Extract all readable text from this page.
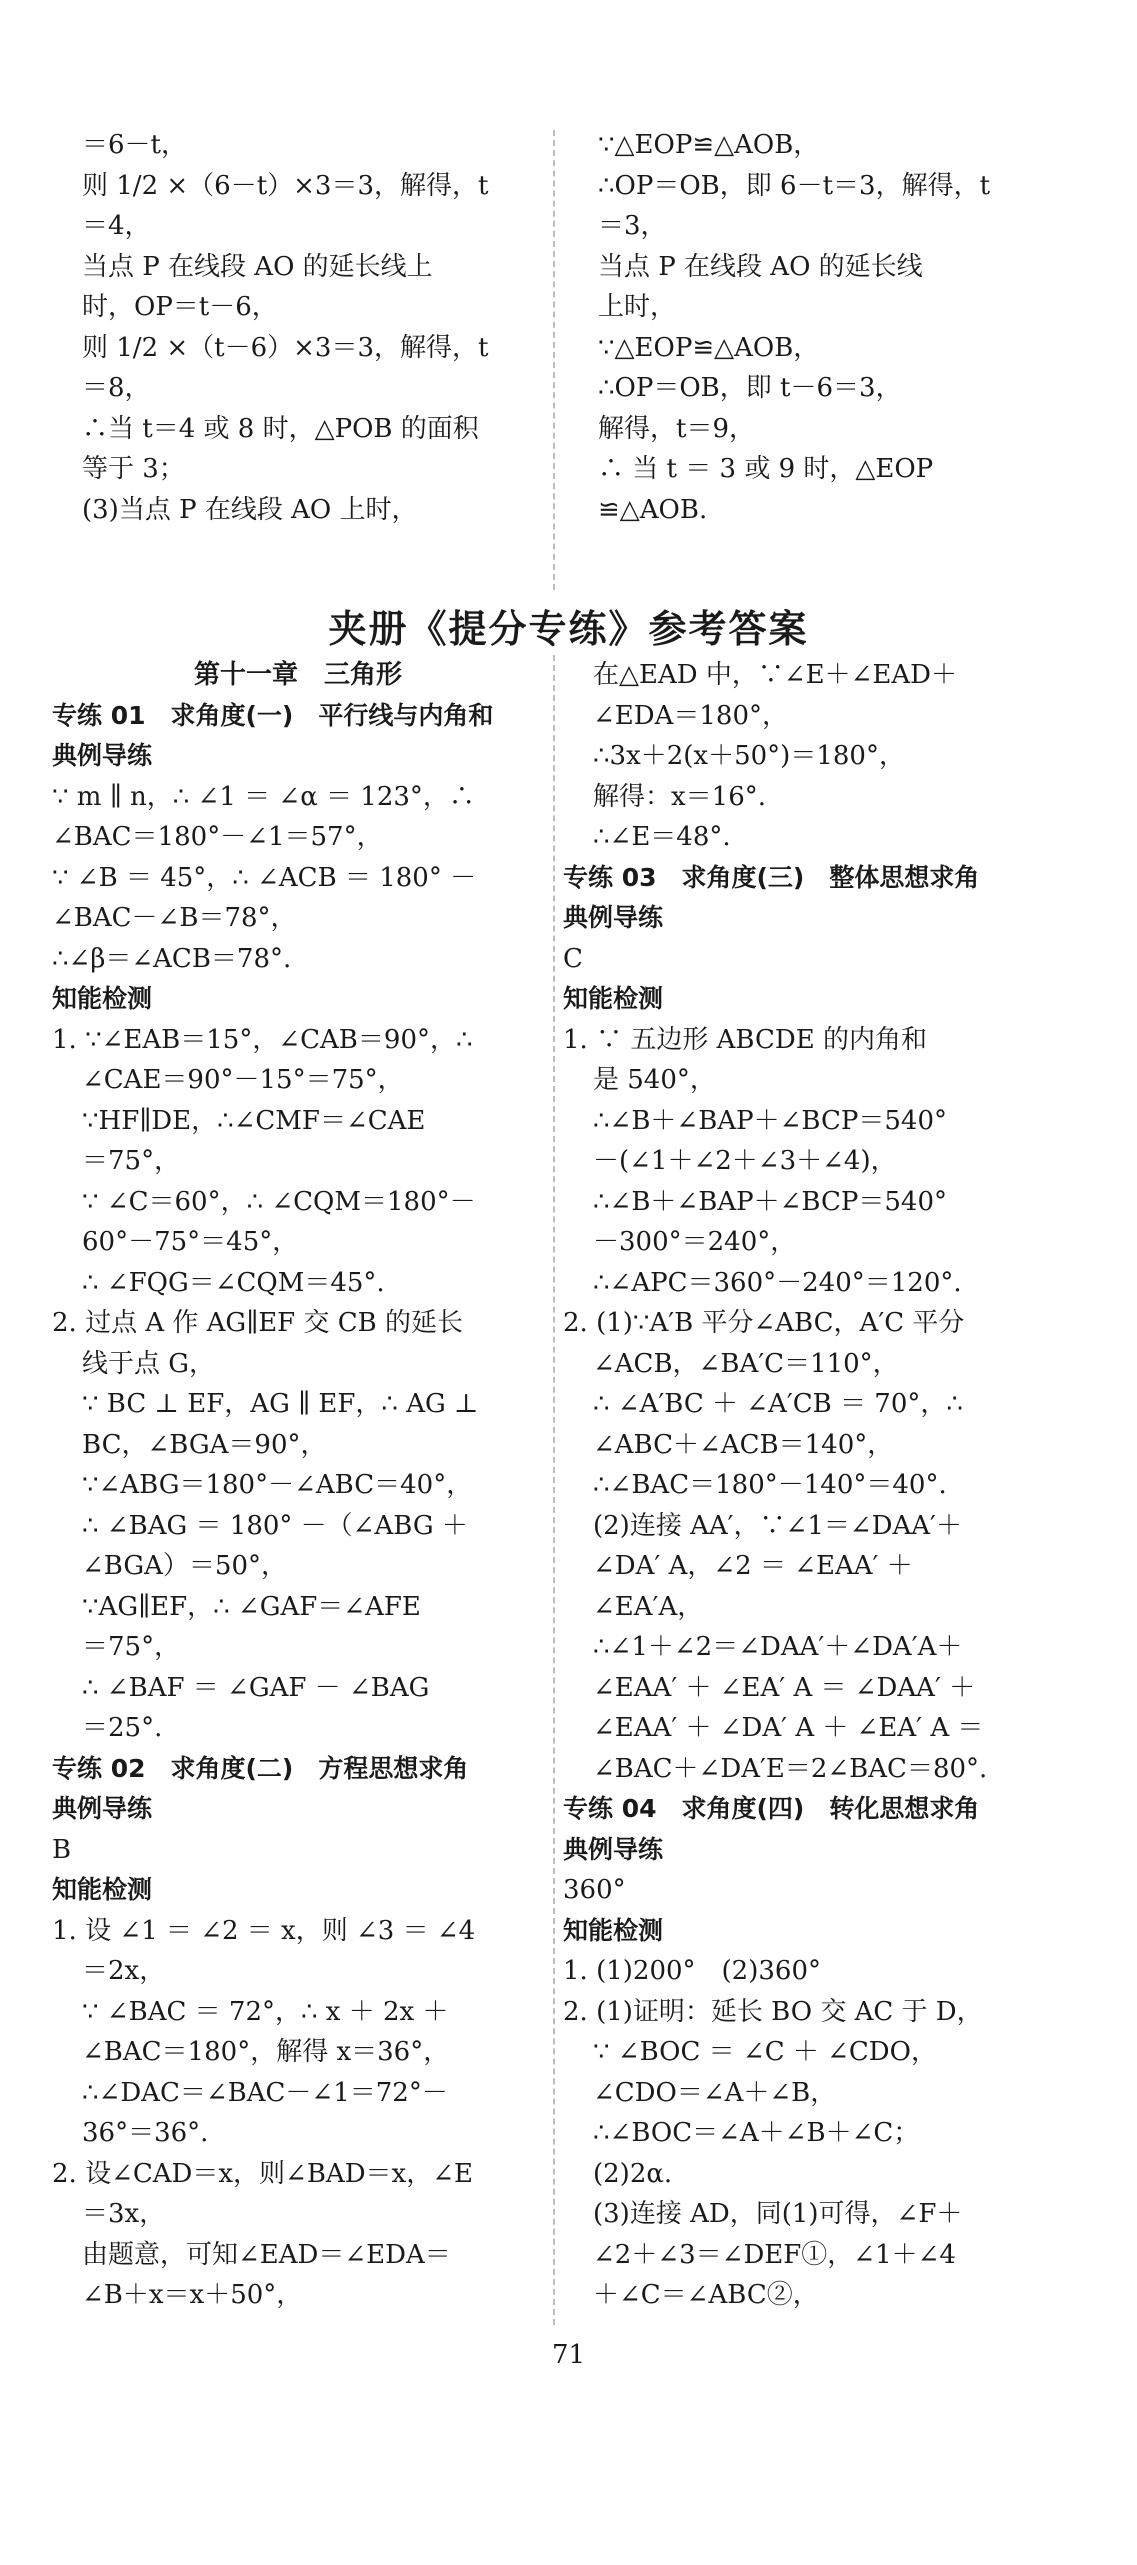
＝6－t，
则 1/2 ×（6－t）×3＝3，解得，t
＝4，
当点 P 在线段 AO 的延长线上
时，OP＝t－6，
则 1/2 ×（t－6）×3＝3，解得，t
＝8，
∴当 t＝4 或 8 时，△POB 的面积
等于 3；
(3)当点 P 在线段 AO 上时，
∵△EOP≌△AOB，
∴OP＝OB，即 6－t＝3，解得，t
＝3，
当点 P 在线段 AO 的延长线
上时，
∵△EOP≌△AOB，
∴OP＝OB，即 t－6＝3，
解得，t＝9，
∴ 当 t ＝ 3 或 9 时，△EOP
≌△AOB.
夹册《提分专练》参考答案
第十一章　三角形
专练 01　求角度(一)　平行线与内角和
典例导练
∵ m ∥ n，∴ ∠1 ＝ ∠α ＝ 123°，∴
∠BAC＝180°－∠1＝57°，
∵ ∠B ＝ 45°，∴ ∠ACB ＝ 180° －
∠BAC－∠B＝78°，
∴∠β＝∠ACB＝78°.
知能检测
1. ∵∠EAB＝15°，∠CAB＝90°，∴
∠CAE＝90°－15°＝75°，
∵HF∥DE，∴∠CMF＝∠CAE
＝75°，
∵ ∠C＝60°，∴ ∠CQM＝180°－
60°－75°＝45°，
∴ ∠FQG＝∠CQM＝45°.
2. 过点 A 作 AG∥EF 交 CB 的延长
线于点 G，
∵ BC ⊥ EF，AG ∥ EF，∴ AG ⊥
BC，∠BGA＝90°，
∵∠ABG＝180°－∠ABC＝40°，
∴ ∠BAG ＝ 180° －（∠ABG ＋
∠BGA）＝50°，
∵AG∥EF，∴ ∠GAF＝∠AFE
＝75°，
∴ ∠BAF ＝ ∠GAF － ∠BAG
＝25°.
专练 02　求角度(二)　方程思想求角
典例导练
B
知能检测
1. 设 ∠1 ＝ ∠2 ＝ x，则 ∠3 ＝ ∠4
＝2x，
∵ ∠BAC ＝ 72°，∴ x ＋ 2x ＋
∠BAC＝180°，解得 x＝36°，
∴∠DAC＝∠BAC－∠1＝72°－
36°＝36°.
2. 设∠CAD＝x，则∠BAD＝x，∠E
＝3x，
由题意，可知∠EAD＝∠EDA＝
∠B＋x＝x＋50°，
在△EAD 中，∵∠E＋∠EAD＋
∠EDA＝180°，
∴3x＋2(x＋50°)＝180°，
解得：x＝16°.
∴∠E＝48°.
专练 03　求角度(三)　整体思想求角
典例导练
C
知能检测
1. ∵ 五边形 ABCDE 的内角和
是 540°，
∴∠B＋∠BAP＋∠BCP＝540°
－(∠1＋∠2＋∠3＋∠4)，
∴∠B＋∠BAP＋∠BCP＝540°
－300°＝240°，
∴∠APC＝360°－240°＝120°.
2. (1)∵A′B 平分∠ABC，A′C 平分
∠ACB，∠BA′C＝110°，
∴ ∠A′BC ＋ ∠A′CB ＝ 70°，∴
∠ABC＋∠ACB＝140°，
∴∠BAC＝180°－140°＝40°.
(2)连接 AA′，∵∠1＝∠DAA′＋
∠DA′ A，∠2 ＝ ∠EAA′ ＋
∠EA′A，
∴∠1＋∠2＝∠DAA′＋∠DA′A＋
∠EAA′ ＋ ∠EA′ A ＝ ∠DAA′ ＋
∠EAA′ ＋ ∠DA′ A ＋ ∠EA′ A ＝
∠BAC＋∠DA′E＝2∠BAC＝80°.
专练 04　求角度(四)　转化思想求角
典例导练
360°
知能检测
1. (1)200°　(2)360°
2. (1)证明：延长 BO 交 AC 于 D，
∵ ∠BOC ＝ ∠C ＋ ∠CDO，
∠CDO＝∠A＋∠B，
∴∠BOC＝∠A＋∠B＋∠C；
(2)2α.
(3)连接 AD，同(1)可得，∠F＋
∠2＋∠3＝∠DEF①，∠1＋∠4
＋∠C＝∠ABC②，
71
